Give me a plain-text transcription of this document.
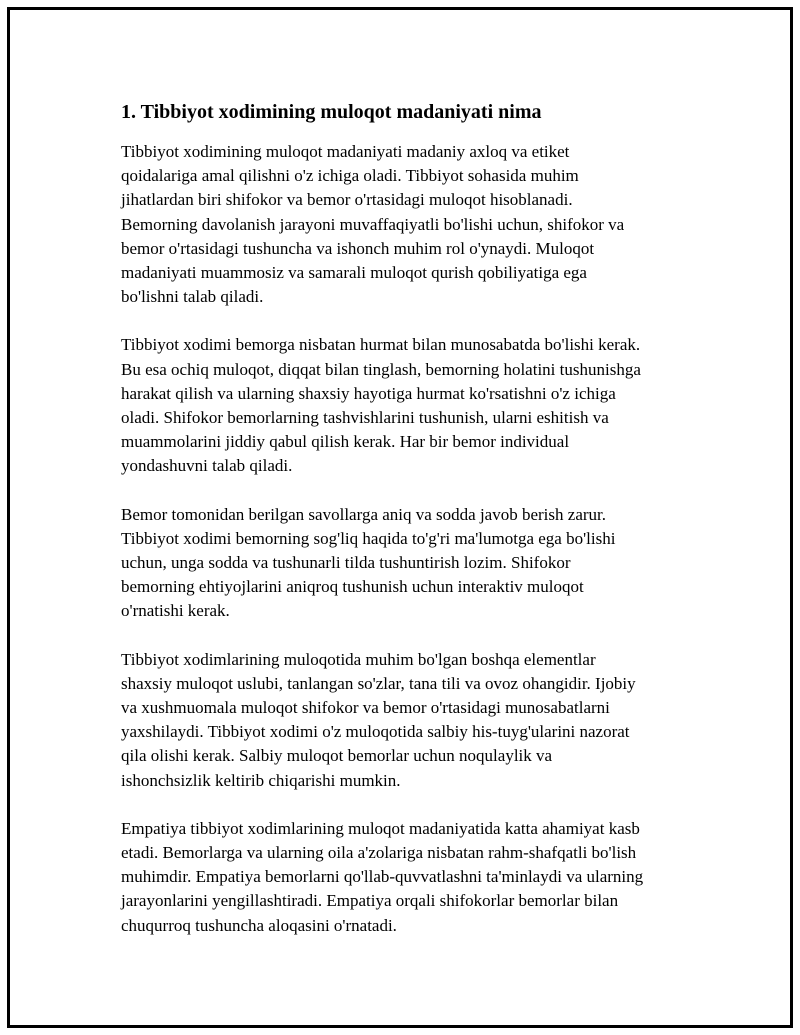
1. Tibbiyot xodimining muloqot madaniyati nima

Tibbiyot xodimining muloqot madaniyati madaniy axloq va etiket
qoidalariga amal qilishni o'z ichiga oladi. Tibbiyot sohasida muhim
jihatlardan biri shifokor va bemor o'rtasidagi muloqot hisoblanadi.
Bemorning davolanish jarayoni muvaffaqiyatli bo'lishi uchun, shifokor va
bemor o'rtasidagi tushuncha va ishonch muhim rol o'ynaydi. Muloqot
madaniyati muammosiz va samarali muloqot qurish qobiliyatiga ega
bo'lishni talab qiladi.

Tibbiyot xodimi bemorga nisbatan hurmat bilan munosabatda bo'lishi kerak.
Bu esa ochiq muloqot, diqqat bilan tinglash, bemorning holatini tushunishga
harakat qilish va ularning shaxsiy hayotiga hurmat ko'rsatishni o'z ichiga
oladi. Shifokor bemorlarning tashvishlarini tushunish, ularni eshitish va
muammolarini jiddiy qabul qilish kerak. Har bir bemor individual
yondashuvni talab qiladi.

Bemor tomonidan berilgan savollarga aniq va sodda javob berish zarur.
Tibbiyot xodimi bemorning sog'liq haqida to'g'ri ma'lumotga ega bo'lishi
uchun, unga sodda va tushunarli tilda tushuntirish lozim. Shifokor
bemorning ehtiyojlarini aniqroq tushunish uchun interaktiv muloqot
o'rnatishi kerak.

Tibbiyot xodimlarining muloqotida muhim bo'lgan boshqa elementlar
shaxsiy muloqot uslubi, tanlangan so'zlar, tana tili va ovoz ohangidir. Ijobiy
va xushmuomala muloqot shifokor va bemor o'rtasidagi munosabatlarni
yaxshilaydi. Tibbiyot xodimi o'z muloqotida salbiy his-tuyg'ularini nazorat
qila olishi kerak. Salbiy muloqot bemorlar uchun noqulaylik va
ishonchsizlik keltirib chiqarishi mumkin.

Empatiya tibbiyot xodimlarining muloqot madaniyatida katta ahamiyat kasb
etadi. Bemorlarga va ularning oila a'zolariga nisbatan rahm-shafqatli bo'lish
muhimdir. Empatiya bemorlarni qo'llab-quvvatlashni ta'minlaydi va ularning
jarayonlarini yengillashtiradi. Empatiya orqali shifokorlar bemorlar bilan
chuqurroq tushuncha aloqasini o'rnatadi.
